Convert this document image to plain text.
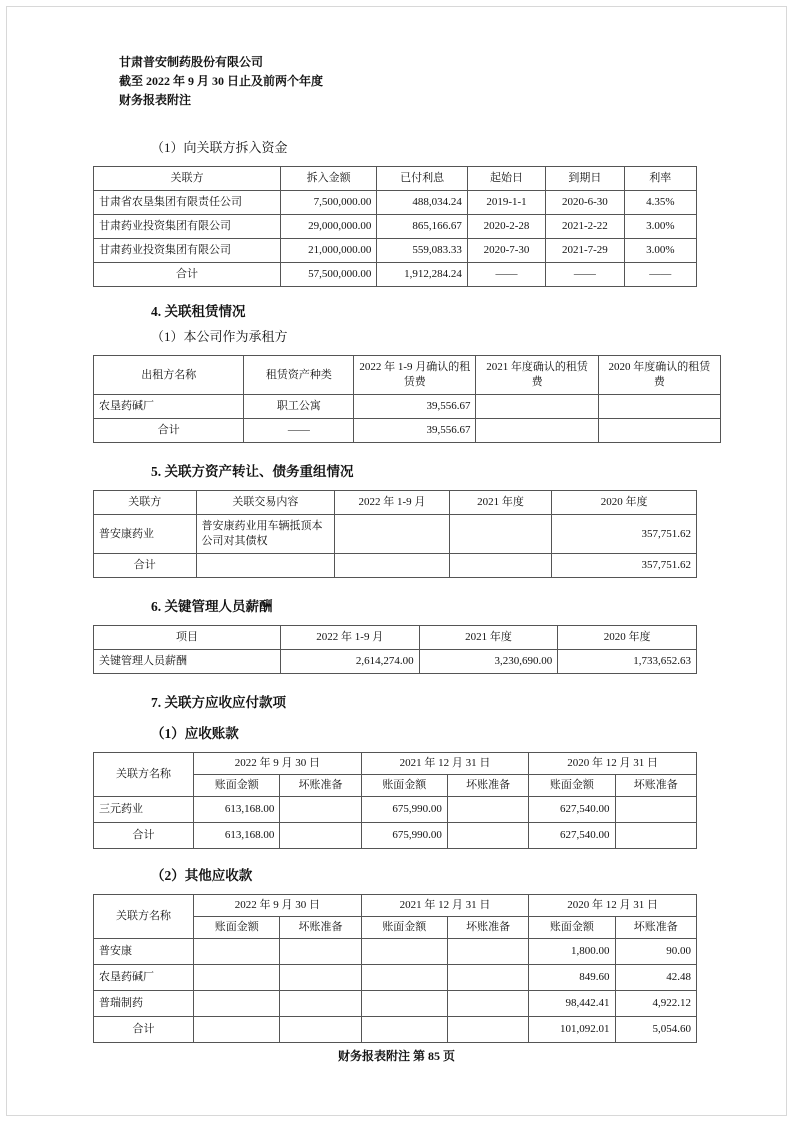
甘肃普安制药股份有限公司
截至 2022 年 9 月 30 日止及前两个年度
财务报表附注

（1）向关联方拆入资金

关联方	拆入金额	已付利息	起始日	到期日	利率
甘肃省农垦集团有限责任公司	7,500,000.00	488,034.24	2019-1-1	2020-6-30	4.35%
甘肃药业投资集团有限公司	29,000,000.00	865,166.67	2020-2-28	2021-2-22	3.00%
甘肃药业投资集团有限公司	21,000,000.00	559,083.33	2020-7-30	2021-7-29	3.00%
合计	57,500,000.00	1,912,284.24	——	——	——

4. 关联租赁情况

（1）本公司作为承租方

出租方名称	租赁资产种类	2022 年 1-9 月确认的租赁费	2021 年度确认的租赁费	2020 年度确认的租赁费
农垦药碱厂	职工公寓	39,556.67		
合计	——	39,556.67		

5. 关联方资产转让、债务重组情况

关联方	关联交易内容	2022 年 1-9 月	2021 年度	2020 年度
普安康药业	普安康药业用车辆抵顶本公司对其债权			357,751.62
合计				357,751.62

6. 关键管理人员薪酬

项目	2022 年 1-9 月	2021 年度	2020 年度
关键管理人员薪酬	2,614,274.00	3,230,690.00	1,733,652.63

7. 关联方应收应付款项

（1）应收账款

关联方名称	2022 年 9 月 30 日		2021 年 12 月 31 日		2020 年 12 月 31 日	
	账面金额	坏账准备	账面金额	坏账准备	账面金额	坏账准备
三元药业	613,168.00		675,990.00		627,540.00	
合计	613,168.00		675,990.00		627,540.00	

（2）其他应收款

关联方名称	2022 年 9 月 30 日		2021 年 12 月 31 日		2020 年 12 月 31 日	
	账面金额	坏账准备	账面金额	坏账准备	账面金额	坏账准备
普安康					1,800.00	90.00
农垦药碱厂					849.60	42.48
普瑞制药					98,442.41	4,922.12
合计					101,092.01	5,054.60
财务报表附注 第 85 页
